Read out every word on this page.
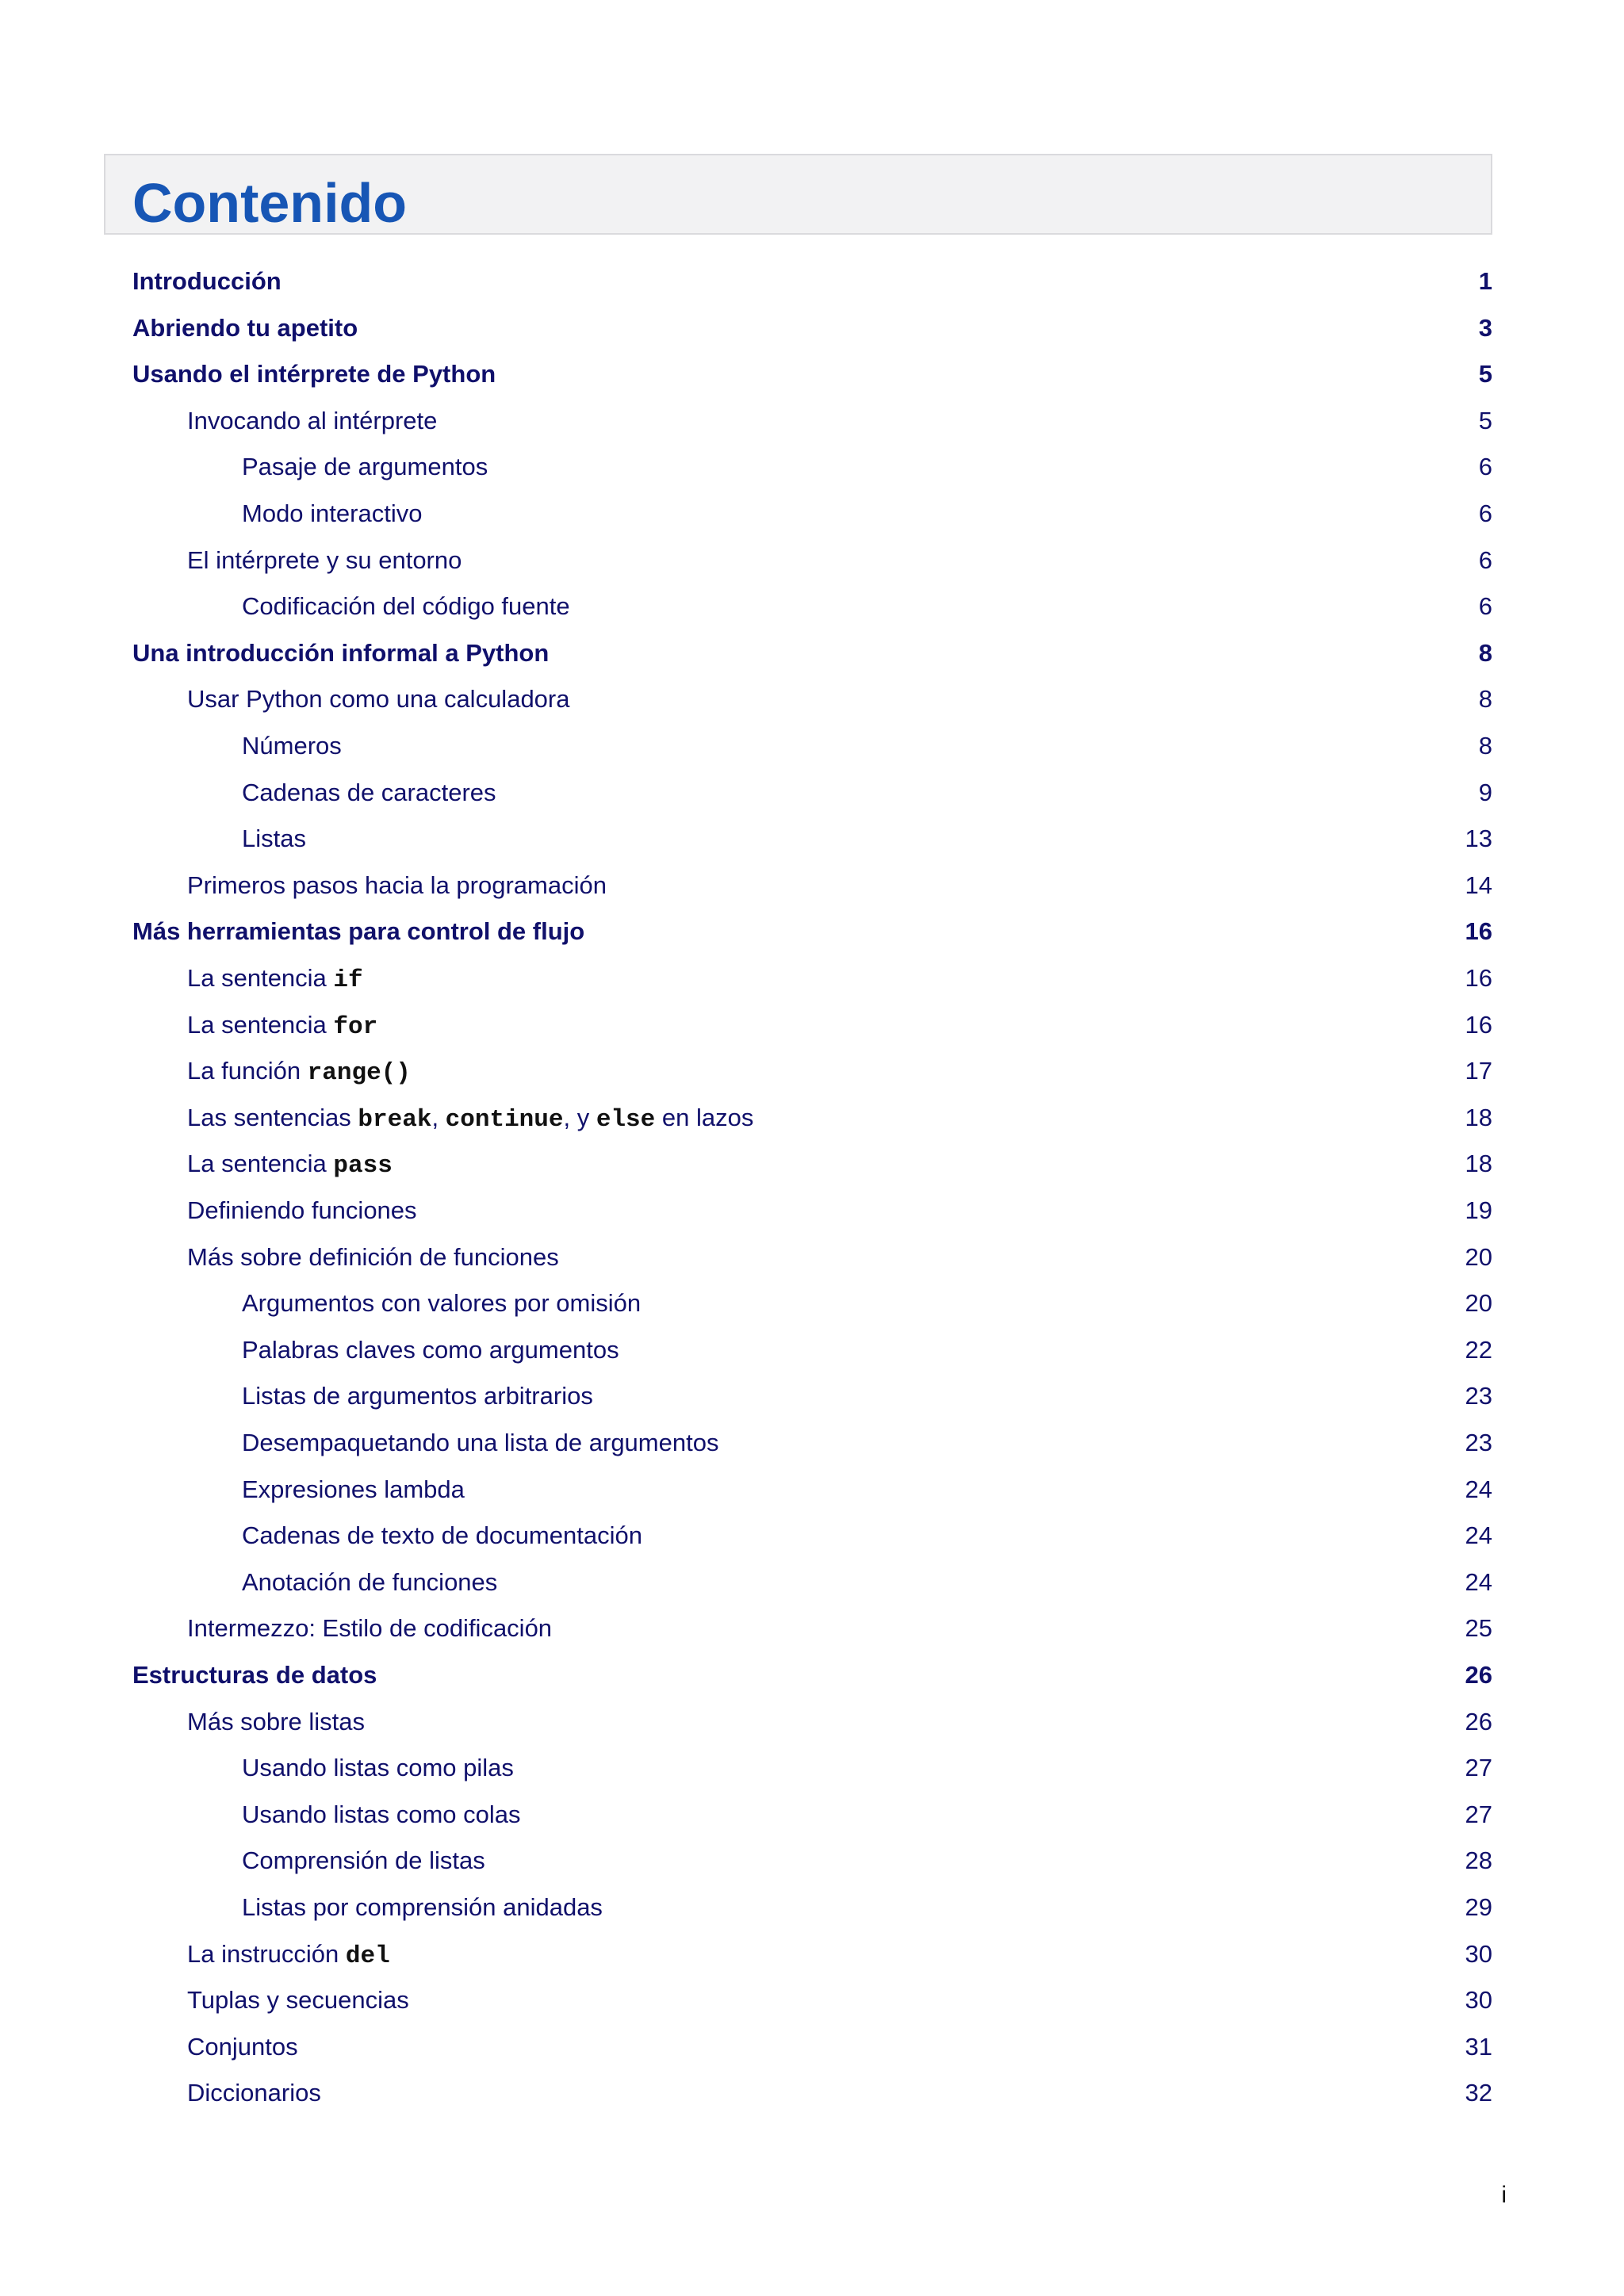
Contenido
Introducción	1
Abriendo tu apetito	3
Usando el intérprete de Python	5
Invocando al intérprete	5
Pasaje de argumentos	6
Modo interactivo	6
El intérprete y su entorno	6
Codificación del código fuente	6
Una introducción informal a Python	8
Usar Python como una calculadora	8
Números	8
Cadenas de caracteres	9
Listas	13
Primeros pasos hacia la programación	14
Más herramientas para control de flujo	16
La sentencia if	16
La sentencia for	16
La función range()	17
Las sentencias break, continue, y else en lazos	18
La sentencia pass	18
Definiendo funciones	19
Más sobre definición de funciones	20
Argumentos con valores por omisión	20
Palabras claves como argumentos	22
Listas de argumentos arbitrarios	23
Desempaquetando una lista de argumentos	23
Expresiones lambda	24
Cadenas de texto de documentación	24
Anotación de funciones	24
Intermezzo: Estilo de codificación	25
Estructuras de datos	26
Más sobre listas	26
Usando listas como pilas	27
Usando listas como colas	27
Comprensión de listas	28
Listas por comprensión anidadas	29
La instrucción del	30
Tuplas y secuencias	30
Conjuntos	31
Diccionarios	32
i
